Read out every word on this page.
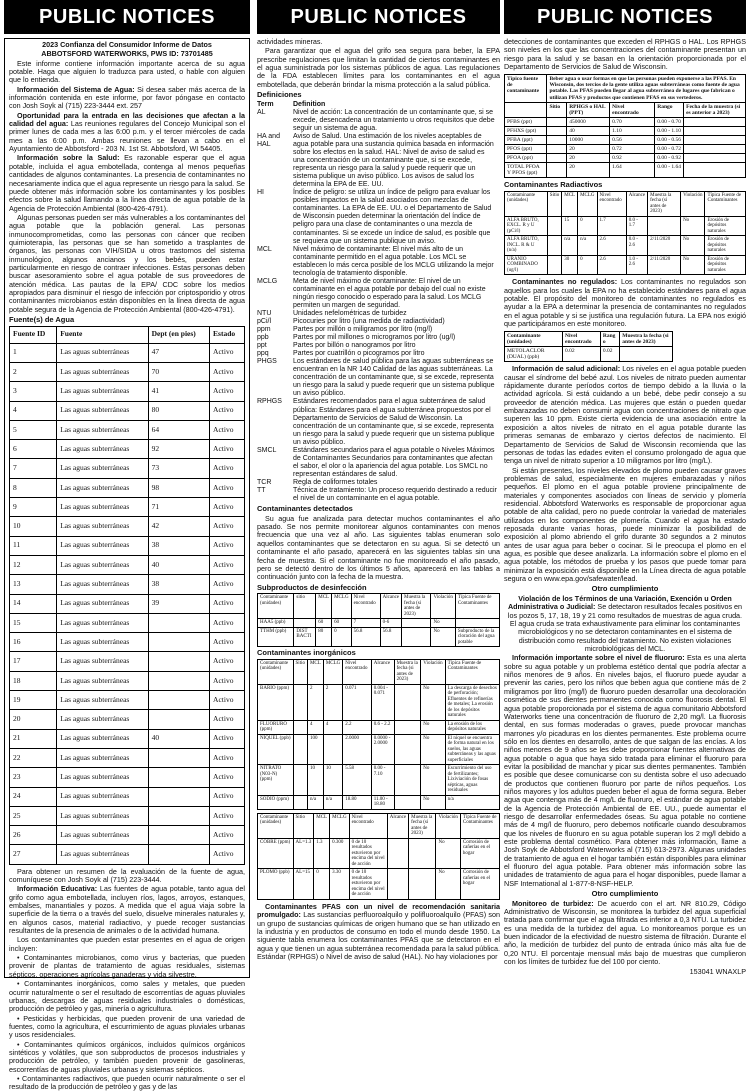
PUBLIC NOTICES	PUBLIC NOTICES	PUBLIC NOTICES

2023 Confianza del Consumidor Informe de Datos

ABBOTSFORD WATERWORKS, PWS ID: 73701485

Este informe contiene información importante acerca de su agua potable. Haga que alguien lo traduzca para usted, o hable con alguien que lo entienda.

Información del Sistema de Agua: Si desea saber más acerca de la información contenida en este informe, por favor póngase en contacto con Josh Soyk al (715) 223-3444 ext. 257

Oportunidad para la entrada en las decisiones que afectan a la calidad del agua: Las reuniones regulares del Concejo Municipal son el primer lunes de cada mes a las 6:00 p.m. y el tercer miércoles de cada mes a las 6:00 p.m. Ambas reuniones se llevan a cabo en el Ayuntamiento de Abbotsford - 203 N. 1st St. Abbotsford, WI 54405.

Información sobre la Salud: Es razonable esperar que el agua potable, incluida el agua embotellada, contenga al menos pequeñas cantidades de algunos contaminantes. La presencia de contaminantes no necesariamente indica que el agua represente un riesgo para la salud. Se puede obtener más información sobre los contaminantes y los posibles efectos sobre la salud llamando a la línea directa de agua potable de la Agencia de Protección Ambiental (800-426-4791).

Algunas personas pueden ser más vulnerables a los contaminantes del agua potable que la población general. Las personas inmunocomprometidas, como las personas con cáncer que reciben quimioterapia, las personas que se han sometido a trasplantes de órganos, las personas con VIH/SIDA u otros trastornos del sistema inmunológico, algunos ancianos y los bebés, pueden estar particularmente en riesgo de contraer infecciones. Estas personas deben buscar asesoramiento sobre el agua potable de sus proveedores de atención médica. Las pautas de la EPA/ CDC sobre los medios apropiados para disminuir el riesgo de infección por criptosporidio y otros contaminantes microbianos están disponibles en la línea directa de agua potable segura de la Agencia de Protección Ambiental (800-426-4791).

Fuente(s) de Agua

Fuente ID	Fuente	Dept (en pies)	Estado
1	Las aguas subterráneas	47	Activo
2	Las aguas subterráneas	70	Activo
3	Las aguas subterráneas	41	Activo
4	Las aguas subterráneas	80	Activo
5	Las aguas subterráneas	64	Activo
6	Las aguas subterráneas	92	Activo
7	Las aguas subterráneas	73	Activo
8	Las aguas subterráneas	98	Activo
9	Las aguas subterráneas	71	Activo
10	Las aguas subterráneas	42	Activo
11	Las aguas subterráneas	38	Activo
12	Las aguas subterráneas	40	Activo
13	Las aguas subterráneas	38	Activo
14	Las aguas subterráneas	39	Activo
15	Las aguas subterráneas		Activo
16	Las aguas subterráneas		Activo
17	Las aguas subterráneas		Activo
18	Las aguas subterráneas		Activo
19	Las aguas subterráneas		Activo
20	Las aguas subterráneas		Activo
21	Las aguas subterráneas	40	Activo
22	Las aguas subterráneas		Activo
23	Las aguas subterráneas		Activo
24	Las aguas subterráneas		Activo
25	Las aguas subterráneas		Activo
26	Las aguas subterráneas		Activo
27	Las aguas subterráneas		Activo

Para obtener un resumen de la evaluación de la fuente de agua, comuníquese con Josh Soyk al (715) 223-3444.

Información Educativa: Las fuentes de agua potable, tanto agua del grifo como agua embotellada, incluyen ríos, lagos, arroyos, estanques, embalses, manantiales y pozos. A medida que el agua viaja sobre la superficie de la tierra o a través del suelo, disuelve minerales naturales y, en algunos casos, material radiactivo, y puede recoger sustancias resultantes de la presencia de animales o de la actividad humana.

Los contaminantes que pueden estar presentes en el agua de origen incluyen:

• Contaminantes microbianos, como virus y bacterias, que pueden provenir de plantas de tratamiento de aguas residuales, sistemas sépticos, operaciones agrícolas ganaderas y vida silvestre.

• Contaminantes inorgánicos, como sales y metales, que pueden ocurrir naturalmente o ser el resultado de escorrentías de aguas pluviales urbanas, descargas de aguas residuales industriales o domésticas, producción de petróleo y gas, minería o agricultura.

• Pesticidas y herbicidas, que pueden provenir de una variedad de fuentes, como la agricultura, el escurrimiento de aguas pluviales urbanas y usos residenciales.

• Contaminantes químicos orgánicos, incluidos químicos orgánicos sintéticos y volátiles, que son subproductos de procesos industriales y producción de petróleo, y también pueden provenir de gasolineras, escorrentías de aguas pluviales urbanas y sistemas sépticos.

• Contaminantes radiactivos, que pueden ocurrir naturalmente o ser el resultado de la producción de petróleo y gas y de las

actividades mineras.

Para garantizar que el agua del grifo sea segura para beber, la EPA prescribe regulaciones que limitan la cantidad de ciertos contaminantes en el agua suministrada por los sistemas públicos de agua. Las regulaciones de la FDA establecen límites para los contaminantes en el agua embotellada, que deberán brindar la misma protección a la salud pública.

Definiciones

Term	Definition
AL	Nivel de acción: La concentración de un contaminante que, si se excede, desencadena un tratamiento u otros requisitos que debe seguir un sistema de agua.
HA and HAL	Aviso de Salud. Una estimación de los niveles aceptables de agua potable para una sustancia química basada en información sobre los efectos en la salud. HAL: Nivel de aviso de salud es una concentración de un contaminante que, si se excede, representa un riesgo para la salud y puede requerir que un sistema publique un aviso público. Los avisos de salud los determina la EPA de EE. UU.
HI	Índice de peligro: se utiliza un índice de peligro para evaluar los posibles impactos en la salud asociados con mezclas de contaminantes. La EPA de EE. UU. o el Departamento de Salud de Wisconsin pueden determinar la orientación del índice de peligro para una clase de contaminantes o una mezcla de contaminantes. Si se excede un índice de salud, es posible que se requiera que un sistema publique un aviso.
MCL	Nivel máximo de contaminante: El nivel más alto de un contaminante permitido en el agua potable. Los MCL se establecen lo más cerca posible de los MCLG utilizando la mejor tecnología de tratamiento disponible.
MCLG	Meta de nivel máximo de contaminante: El nivel de un contaminante en el agua potable por debajo del cual no existe ningún riesgo conocido o esperado para la salud. Los MCLG permiten un margen de seguridad.
NTU	Unidades nefelométricas de turbidez
pCi/l	Picocuries por litro (una medida de radiactividad)
ppm	Partes por millón o miligramos por litro (mg/l)
ppb	Partes por mil millones o microgramos por litro (ug/l)
ppt	Partes por billón o nanogramos por litro
ppq	Partes por cuatrillón o picogramos por litro
PHGS	Los estándares de salud pública para las aguas subterráneas se encuentran en la NR 140 Calidad de las aguas subterráneas. La concentración de un contaminante que, si se excede, representa un riesgo para la salud y puede requerir que un sistema publique un aviso público.
RPHGS	Estándares recomendados para el agua subterránea de salud pública: Estándares para el agua subterránea propuestos por el Departamento de Servicios de Salud de Wisconsin. La concentración de un contaminante que, si se excede, representa un riesgo para la salud y puede requerir que un sistema publique un aviso público.
SMCL	Estándares secundarios para el agua potable o Niveles Máximos de Contaminantes Secundarios para contaminantes que afectan el sabor, el olor o la apariencia del agua potable. Los SMCL no representan estándares de salud.
TCR	Regla de coliformes totales
TT	Técnica de tratamiento: Un proceso requerido destinado a reducir el nivel de un contaminante en el agua potable.

Contaminantes detectados

Su agua fue analizada para detectar muchos contaminantes el año pasado. Se nos permite monitorear algunos contaminantes con menos frecuencia que una vez al año. Las siguientes tablas enumeran solo aquellos contaminantes que se detectaron en su agua. Si se detectó un contaminante el año pasado, aparecerá en las siguientes tablas sin una fecha de muestra. Si el contaminante no fue monitoreado el año pasado, pero se detectó dentro de los últimos 5 años, aparecerá en las tablas a continuación junto con la fecha de la muestra.

Subproductos de desinfección

Contaminante (unidades)	sitio	MCL	MCLG	Nivel encontrado	Alcance	Muestra la fecha (si antes de 2023)	Violación	Típica Fuente de Contaminantes
HAA5 (ppb)		60	60	7	0-6		No	
TTHM (ppb)	DIST BACTI	80	0	56.8	56.8		No	Subproducto de la cloración del agua potable

Contaminantes inorgánicos

Contaminante (unidades)	Sitio	MCL	MCLG	Nivel encontrado	Alcance	Muestra la fecha (si antes de 2023)	Violación	Típica Fuente de Contaminantes
BARIO (ppm)		2	2	0.071	0.004 - 0.071		No	La descarga de desechos de perforación; Efluentes de refinerías de metales; La erosión de los depósitos naturales
FLUORURO (ppm)		4	4	2.2	0.6 - 2.2		No	La erosión de los depósitos naturales
NIQUEL (ppb)		100		2.0000	0.0000 - 2.0000		No	El níquel se encuentra de forma natural en los suelos, las aguas subterráneas y las aguas superficiales
NITRATO (N03-N) (ppm)		10	10	5.58	0.00 - 7.10		No	Escurrimiento del uso de fertilizantes; Lixiviación de fosas sépticas, aguas residuales
SODIO (ppm)		n/a	n/a	18.80	11.00 - 18.80		No	n/a
Contaminante (unidades)	Sitio	MCL	MCLG	Nivel encontrado	Alcance	Muestra la fecha (si antes de 2023)	Violación	Típica Fuente de Contaminantes
COBRE (ppm)	AL=1.3	1.3	0.300	0 de 10 resultados estuvieron por encima del nivel de acción			No	Corrosión de cañerías en el hogar
PLOMO (ppb)	AL=15	0	3.30	0 de 10 resultados estuvieron por encima del nivel de acción			No	Corrosión de cañerías en el hogar

Contaminantes PFAS con un nivel de recomendación sanitaria promulgado: Las sustancias perfluoroalquilo y polifluoroalquilo (PFAS) son un grupo de sustancias químicas de origen humano que se han utilizado en la industria y en productos de consumo en todo el mundo desde 1950. La siguiente tabla enumera los contaminantes PFAS que se detectaron en el agua y que tienen un agua subterránea recomendada para la salud pública. Estándar (RPHGS) o Nivel de aviso de salud (HAL). No hay violaciones por

detecciones de contaminantes que exceden el RPHGS o HAL. Los RPHGS son niveles en los que las concentraciones del contaminante presentan un riesgo para la salud y se basan en la orientación proporcionada por el Departamento de Servicios de Salud de Wisconsin.

Típico fuente de contaminante	Beber agua o usar formas en que las personas pueden exponerse a las PFAS. En Wisconsin, dos tercios de la gente utiliza aguas subterráneas como fuente de agua potable. Las PFAS pueden llegar al agua subterránea de lugares que fabrican o utilizan PFAS y productos que contienen PFAS en sus vertederos.				
	Sitio	RPHGS o HAL (PPT)	Nivel encontrado	Rango	Fecha de la muestra (si es anterior a 2023)
PFBS (ppt)		450000	0.70	0.00 - 0.70	
PFHXS (ppt)		40	1.10	0.00 - 1.10	
PFBA (ppt)		10000	0.56	0.00 - 0.56	
PFOS (ppt)		20	0.72	0.00 - 0.72	
PFOA (ppt)		20	0.92	0.00 - 0.92	
TOTAL PFOA Y PFOS (ppt)		20	1.64	0.00 - 1.64	

Contaminantes Radiactivos

Contaminante (unidades)	Sitio	MCL	MCLG	Nivel encontrado	Alcance	Muestra la fecha (si antes de 2023)	Violación	Típica Fuente de Contaminantes
ALFA BRUTO, EXCL. R y U (pCi/l)		15	0	1.7	0.0 - 1.7		No	Erosión de depósitos naturales
ALFA BRUTO, INCL. R & U (n/a)		n/a	n/a	2.6	0.0 - 2.6	2/11/2020	No	Erosión de depósitos naturales
URANIO COMBINADO (ug/l)		30	0	2.6	1.0 - 2.6	2/11/2020	No	Erosión de depósitos naturales

Contaminantes no regulados: Los contaminantes no regulados son aquellos para los cuales la EPA no ha establecido estándares para el agua potable. El propósito del monitoreo de contaminantes no regulados es ayudar a la EPA a determinar la presencia de contaminantes no regulados en el agua potable y si se justifica una regulación futura. La EPA nos exigió que participáramos en este monitoreo.

Contaminante (unidades)	Nivel encontrado	Rang o	Muestra la fecha (si antes de 2023)
METOLACLOR (DUAL) (ppb)	0.02	0.02	

Información de salud adicional: Los niveles en el agua potable pueden causar el síndrome del bebé azul. Los niveles de nitrato pueden aumentar rápidamente durante períodos cortos de tiempo debido a la lluvia o la actividad agrícola. Si está cuidando a un bebé, debe pedir consejo a su proveedor de atención médica. Las mujeres que están o pueden quedar embarazadas no deben consumir agua con concentraciones de nitrato que superen las 10 ppm. Existe cierta evidencia de una asociación entre la exposición a altos niveles de nitrato en el agua potable durante las primeras semanas de embarazo y ciertos defectos de nacimiento. El Departamento de Servicios de Salud de Wisconsin recomienda que las personas de todas las edades eviten el consumo prolongado de agua que tenga un nivel de nitrato superior a 10 miligramos por litro (mg/L).

Si están presentes, los niveles elevados de plomo pueden causar graves problemas de salud, especialmente en mujeres embarazadas y niños pequeños. El plomo en el agua potable proviene principalmente de materiales y componentes asociados con líneas de servicio y plomería residencial. Abbotsford Waterworks es responsable de proporcionar agua potable de alta calidad, pero no puede controlar la variedad de materiales utilizados en los componentes de plomería. Cuando el agua ha estado reposada durante varias horas, puede minimizar la posibilidad de exposición al plomo abriendo el grifo durante 30 segundos a 2 minutos antes de usar agua para beber o cocinar. Si le preocupa el plomo en el agua, es posible que desee analizarla. La información sobre el plomo en el agua potable, los métodos de prueba y los pasos que puede tomar para minimizar la exposición está disponible en la Línea directa de agua potable segura o en www.epa.gov/safewater/lead.

Otro cumplimiento

Violación de los Términos de una Variación, Exención u Orden Administrativa o Judicial: Se detectaron resultados fecales positivos en los pozos 5, 17, 18, 19 y 21 como resultados de muestras de agua cruda. El agua cruda se trata exhaustivamente para eliminar los contaminantes microbiológicos y no se detectaron contaminantes en el sistema de distribución como resultado del tratamiento. No existen violaciones microbiológicas del MCL.

Información importante sobre el nivel de fluoruro: Esta es una alerta sobre su agua potable y un problema estético dental que podría afectar a niños menores de 9 años. En niveles bajos, el fluoruro puede ayudar a prevenir las caries, pero los niños que beben agua que contiene más de 2 miligramos por litro (mg/l) de fluoruro pueden desarrollar una decoloración cosmética de sus dientes permanentes conocida como fluorosis dental. El agua potable proporcionada por el sistema de agua comunitario Abbotsford Waterworks tiene una concentración de fluoruro de 2,20 mg/l. La fluorosis dental, en sus formas moderadas o graves, puede provocar manchas marrones y/o picaduras en los dientes permanentes. Este problema ocurre sólo en los dientes en desarrollo, antes de que salgan de las encías. A los niños menores de 9 años se les debe proporcionar fuentes alternativas de agua potable o agua que haya sido tratada para eliminar el fluoruro para evitar la posibilidad de manchar y picar sus dientes permanentes. También es posible que desee comunicarse con su dentista sobre el uso adecuado de productos que contienen fluoruro por parte de niños pequeños. Los niños mayores y los adultos pueden beber el agua de forma segura. Beber agua que contenga más de 4 mg/L de fluoruro, el estándar de agua potable de la Agencia de Protección Ambiental de EE. UU., puede aumentar el riesgo de desarrollar enfermedades óseas. Su agua potable no contiene más de 4 mg/l de fluoruro, pero debemos notificarle cuando descubramos que los niveles de fluoruro en su agua potable superan los 2 mg/l debido a este problema dental cosmético. Para obtener más información, llame a Josh Soyk de Abbotsford Waterworks al (715) 613-2973. Algunas unidades de tratamiento de agua en el hogar también están disponibles para eliminar el fluoruro del agua potable. Para obtener más información sobre las unidades de tratamiento de agua para el hogar disponibles, puede llamar a NSF International al 1-877-8-NSF-HELP.

Otro cumplimiento

Monitoreo de turbidez: De acuerdo con el art. NR 810.29, Código Administrativo de Wisconsin, se monitorea la turbidez del agua superficial tratada para confirmar que el agua filtrada es inferior a 0,3 NTU. La turbidez es una medida de la turbidez del agua. Lo monitoreamos porque es un buen indicador de la efectividad de nuestro sistema de filtración. Durante el año, la medición de turbidez del punto de entrada único más alta fue de 0,20 NTU. El porcentaje mensual más bajo de muestras que cumplieron con los límites de turbidez fue del 100 por ciento.

153041 WNAXLP
